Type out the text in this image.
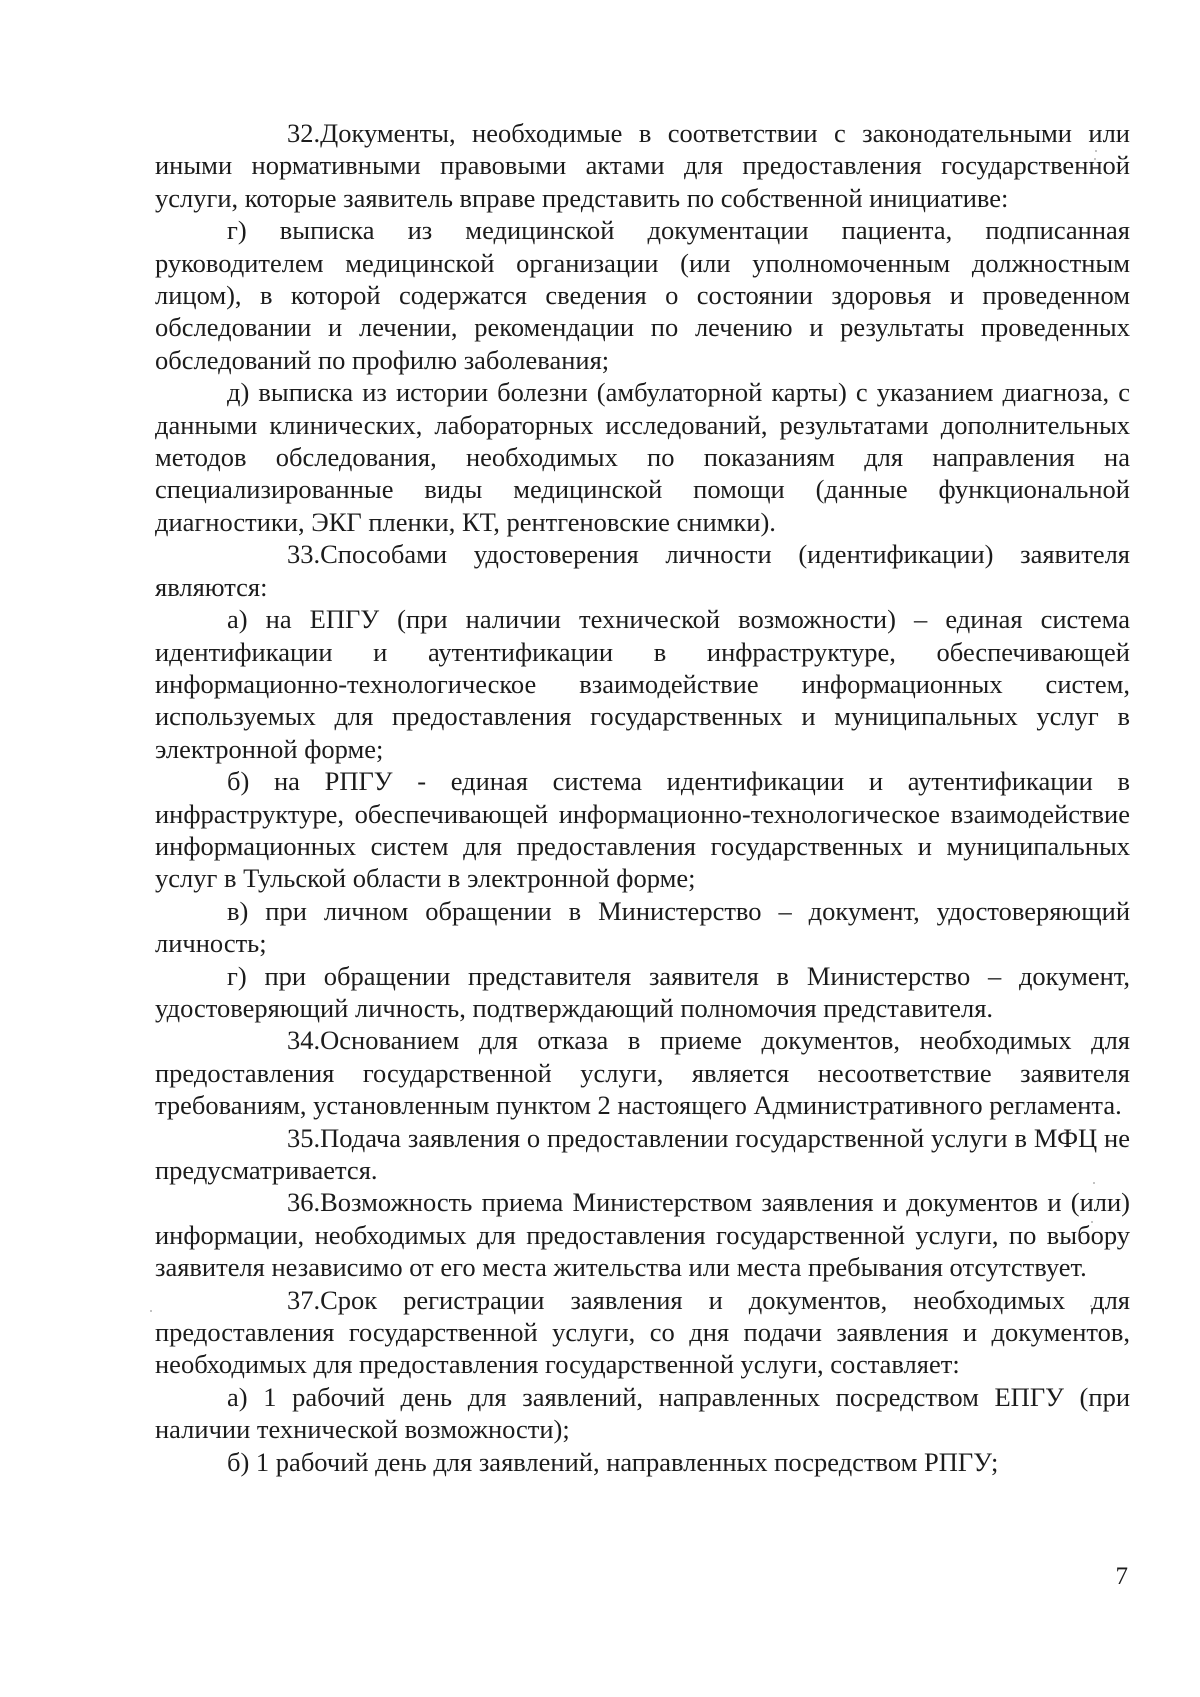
32.Документы, необходимые в соответствии с законодательными или иными нормативными правовыми актами для предоставления государственной услуги, которые заявитель вправе представить по собственной инициативе:

г) выписка из медицинской документации пациента, подписанная руководителем медицинской организации (или уполномоченным должностным лицом), в которой содержатся сведения о состоянии здоровья и проведенном обследовании и лечении, рекомендации по лечению и результаты проведенных обследований по профилю заболевания;

д) выписка из истории болезни (амбулаторной карты) с указанием диагноза, с данными клинических, лабораторных исследований, результатами дополнительных методов обследования, необходимых по показаниям для направления на специализированные виды медицинской помощи (данные функциональной диагностики, ЭКГ пленки, КТ, рентгеновские снимки).

33.Способами удостоверения личности (идентификации) заявителя являются:

а) на ЕПГУ (при наличии технической возможности) – единая система идентификации и аутентификации в инфраструктуре, обеспечивающей информационно-технологическое взаимодействие информационных систем, используемых для предоставления государственных и муниципальных услуг в электронной форме;

б) на РПГУ - единая система идентификации и аутентификации в инфраструктуре, обеспечивающей информационно-технологическое взаимодействие информационных систем для предоставления государственных и муниципальных услуг в Тульской области в электронной форме;

в) при личном обращении в Министерство – документ, удостоверяющий личность;

г) при обращении представителя заявителя в Министерство – документ, удостоверяющий личность, подтверждающий полномочия представителя.

34.Основанием для отказа в приеме документов, необходимых для предоставления государственной услуги, является несоответствие заявителя требованиям, установленным пунктом 2 настоящего Административного регламента.

35.Подача заявления о предоставлении государственной услуги в МФЦ не предусматривается.

36.Возможность приема Министерством заявления и документов и (или) информации, необходимых для предоставления государственной услуги, по выбору заявителя независимо от его места жительства или места пребывания отсутствует.

37.Срок регистрации заявления и документов, необходимых для предоставления государственной услуги, со дня подачи заявления и документов, необходимых для предоставления государственной услуги, составляет:

а) 1 рабочий день для заявлений, направленных посредством ЕПГУ (при наличии технической возможности);

б) 1 рабочий день для заявлений, направленных посредством РПГУ;

7
